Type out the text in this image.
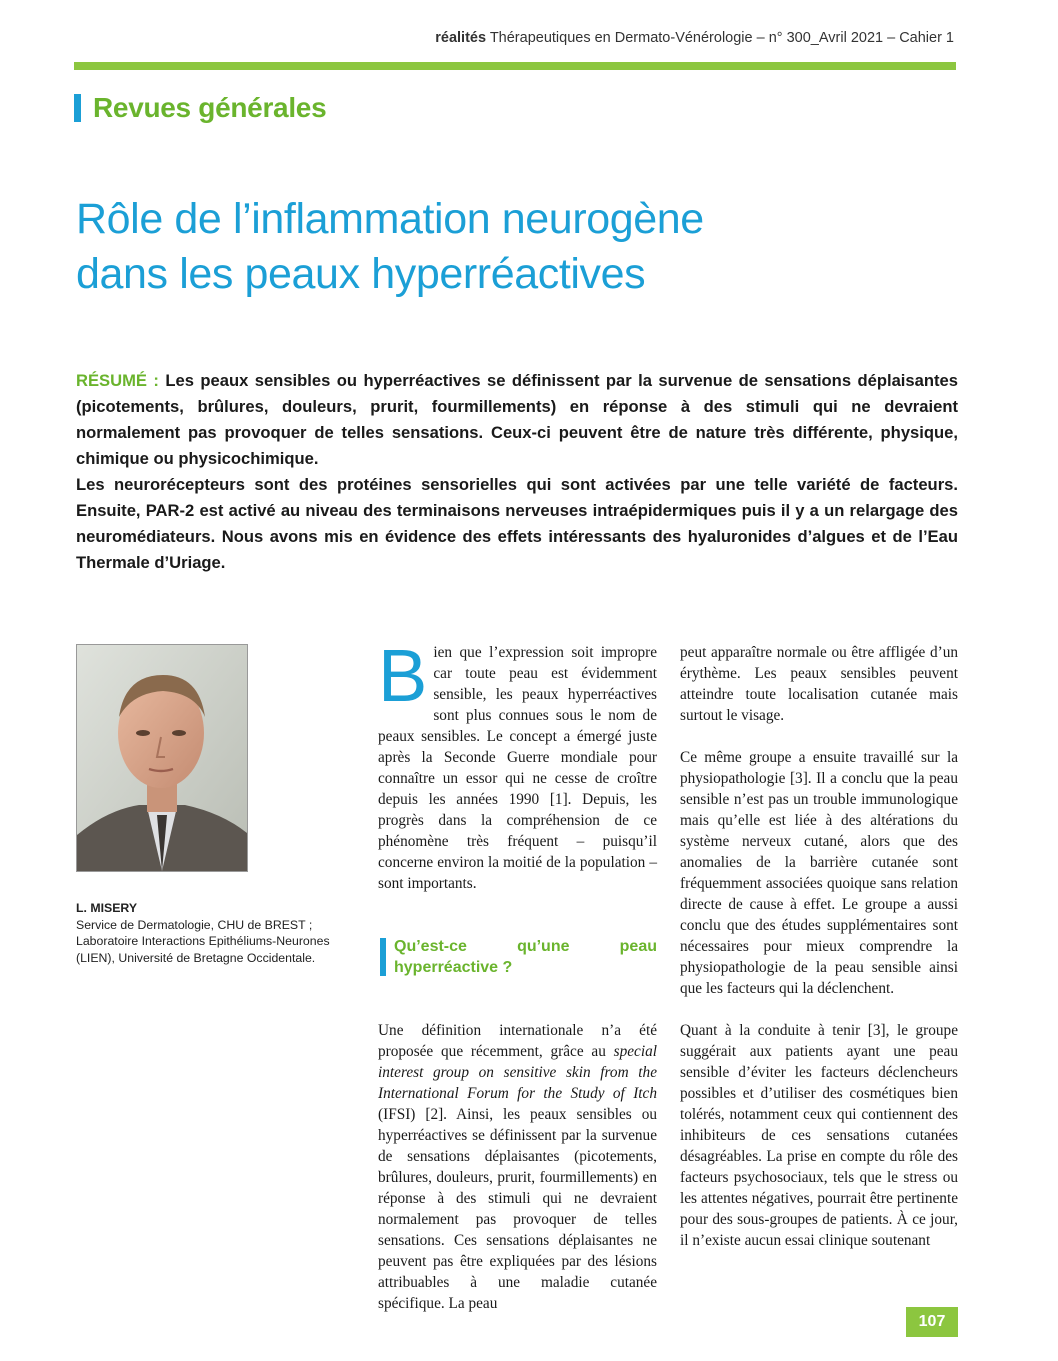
réalités Thérapeutiques en Dermato-Vénérologie – n° 300_Avril 2021 – Cahier 1
Revues générales
Rôle de l’inflammation neurogène
dans les peaux hyperréactives

RÉSUMÉ : Les peaux sensibles ou hyperréactives se définissent par la survenue de sensations déplaisantes (picotements, brûlures, douleurs, prurit, fourmillements) en réponse à des stimuli qui ne devraient normalement pas provoquer de telles sensations. Ceux-ci peuvent être de nature très différente, physique, chimique ou physicochimique.

Les neurorécepteurs sont des protéines sensorielles qui sont activées par une telle variété de facteurs. Ensuite, PAR-2 est activé au niveau des terminaisons nerveuses intraépidermiques puis il y a un relargage des neuromédiateurs. Nous avons mis en évidence des effets intéressants des hyaluronides d’algues et de l’Eau Thermale d’Uriage.

L. MISERY
Service de Dermatologie, CHU de BREST ;
Laboratoire Interactions Epithéliums-Neurones (LIEN), Université de Bretagne Occidentale.

Bien que l’expression soit impropre car toute peau est évidemment sensible, les peaux hyperréactives sont plus connues sous le nom de peaux sensibles. Le concept a émergé juste après la Seconde Guerre mondiale pour connaître un essor qui ne cesse de croître depuis les années 1990 [1]. Depuis, les progrès dans la compréhension de ce phénomène très fréquent – puisqu’il concerne environ la moitié de la population – sont importants.

Qu’est-ce qu’une peau hyperréactive ?

Une définition internationale n’a été proposée que récemment, grâce au special interest group on sensitive skin from the International Forum for the Study of Itch (IFSI) [2]. Ainsi, les peaux sensibles ou hyperréactives se définissent par la survenue de sensations déplaisantes (picotements, brûlures, douleurs, prurit, fourmillements) en réponse à des stimuli qui ne devraient normalement pas provoquer de telles sensations. Ces sensations déplaisantes ne peuvent pas être expliquées par des lésions attribuables à une maladie cutanée spécifique. La peau

peut apparaître normale ou être affligée d’un érythème. Les peaux sensibles peuvent atteindre toute localisation cutanée mais surtout le visage.

Ce même groupe a ensuite travaillé sur la physiopathologie [3]. Il a conclu que la peau sensible n’est pas un trouble immunologique mais qu’elle est liée à des altérations du système nerveux cutané, alors que des anomalies de la barrière cutanée sont fréquemment associées quoique sans relation directe de cause à effet. Le groupe a aussi conclu que des études supplémentaires sont nécessaires pour mieux comprendre la physiopathologie de la peau sensible ainsi que les facteurs qui la déclenchent.

Quant à la conduite à tenir [3], le groupe suggérait aux patients ayant une peau sensible d’éviter les facteurs déclencheurs possibles et d’utiliser des cosmétiques bien tolérés, notamment ceux qui contiennent des inhibiteurs de ces sensations cutanées désagréables. La prise en compte du rôle des facteurs psychosociaux, tels que le stress ou les attentes négatives, pourrait être pertinente pour des sous-groupes de patients. À ce jour, il n’existe aucun essai clinique soutenant

107
